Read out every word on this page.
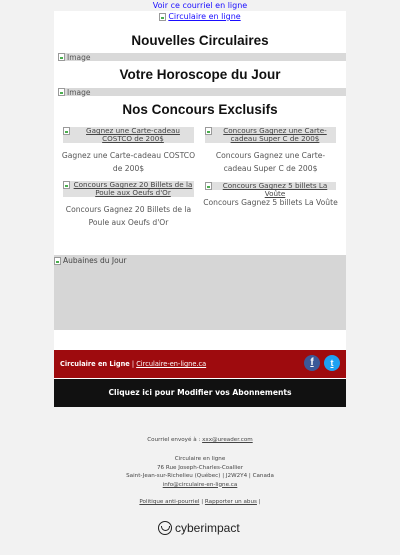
Voir ce courriel en ligne
Circulaire en ligne
Nouvelles Circulaires
Image
Votre Horoscope du Jour
Image
Nos Concours Exclusifs
Gagnez une Carte-cadeau COSTCO de 200$
Gagnez une Carte-cadeau COSTCO de 200$
Concours Gagnez une Carte-cadeau Super C de 200$
Concours Gagnez une Carte-cadeau Super C de 200$
Concours Gagnez 20 Billets de la Poule aux Oeufs d'Or
Concours Gagnez 20 Billets de la Poule aux Oeufs d'Or
Concours Gagnez 5 billets La Voûte
Concours Gagnez 5 billets La Voûte
Aubaines du Jour
Circulaire en Ligne | Circulaire-en-ligne.ca	f	t
Cliquez ici pour Modifier vos Abonnements
Courriel envoyé à : xxx@ureader.com
Circulaire en ligne
76 Rue Joseph-Charles-Coallier
Saint-Jean-sur-Richelieu (Québec) | J2W2Y4 | Canada
info@circulaire-en-ligne.ca
Politique anti-pourriel | Rapporter un abus |
cyberimpact
